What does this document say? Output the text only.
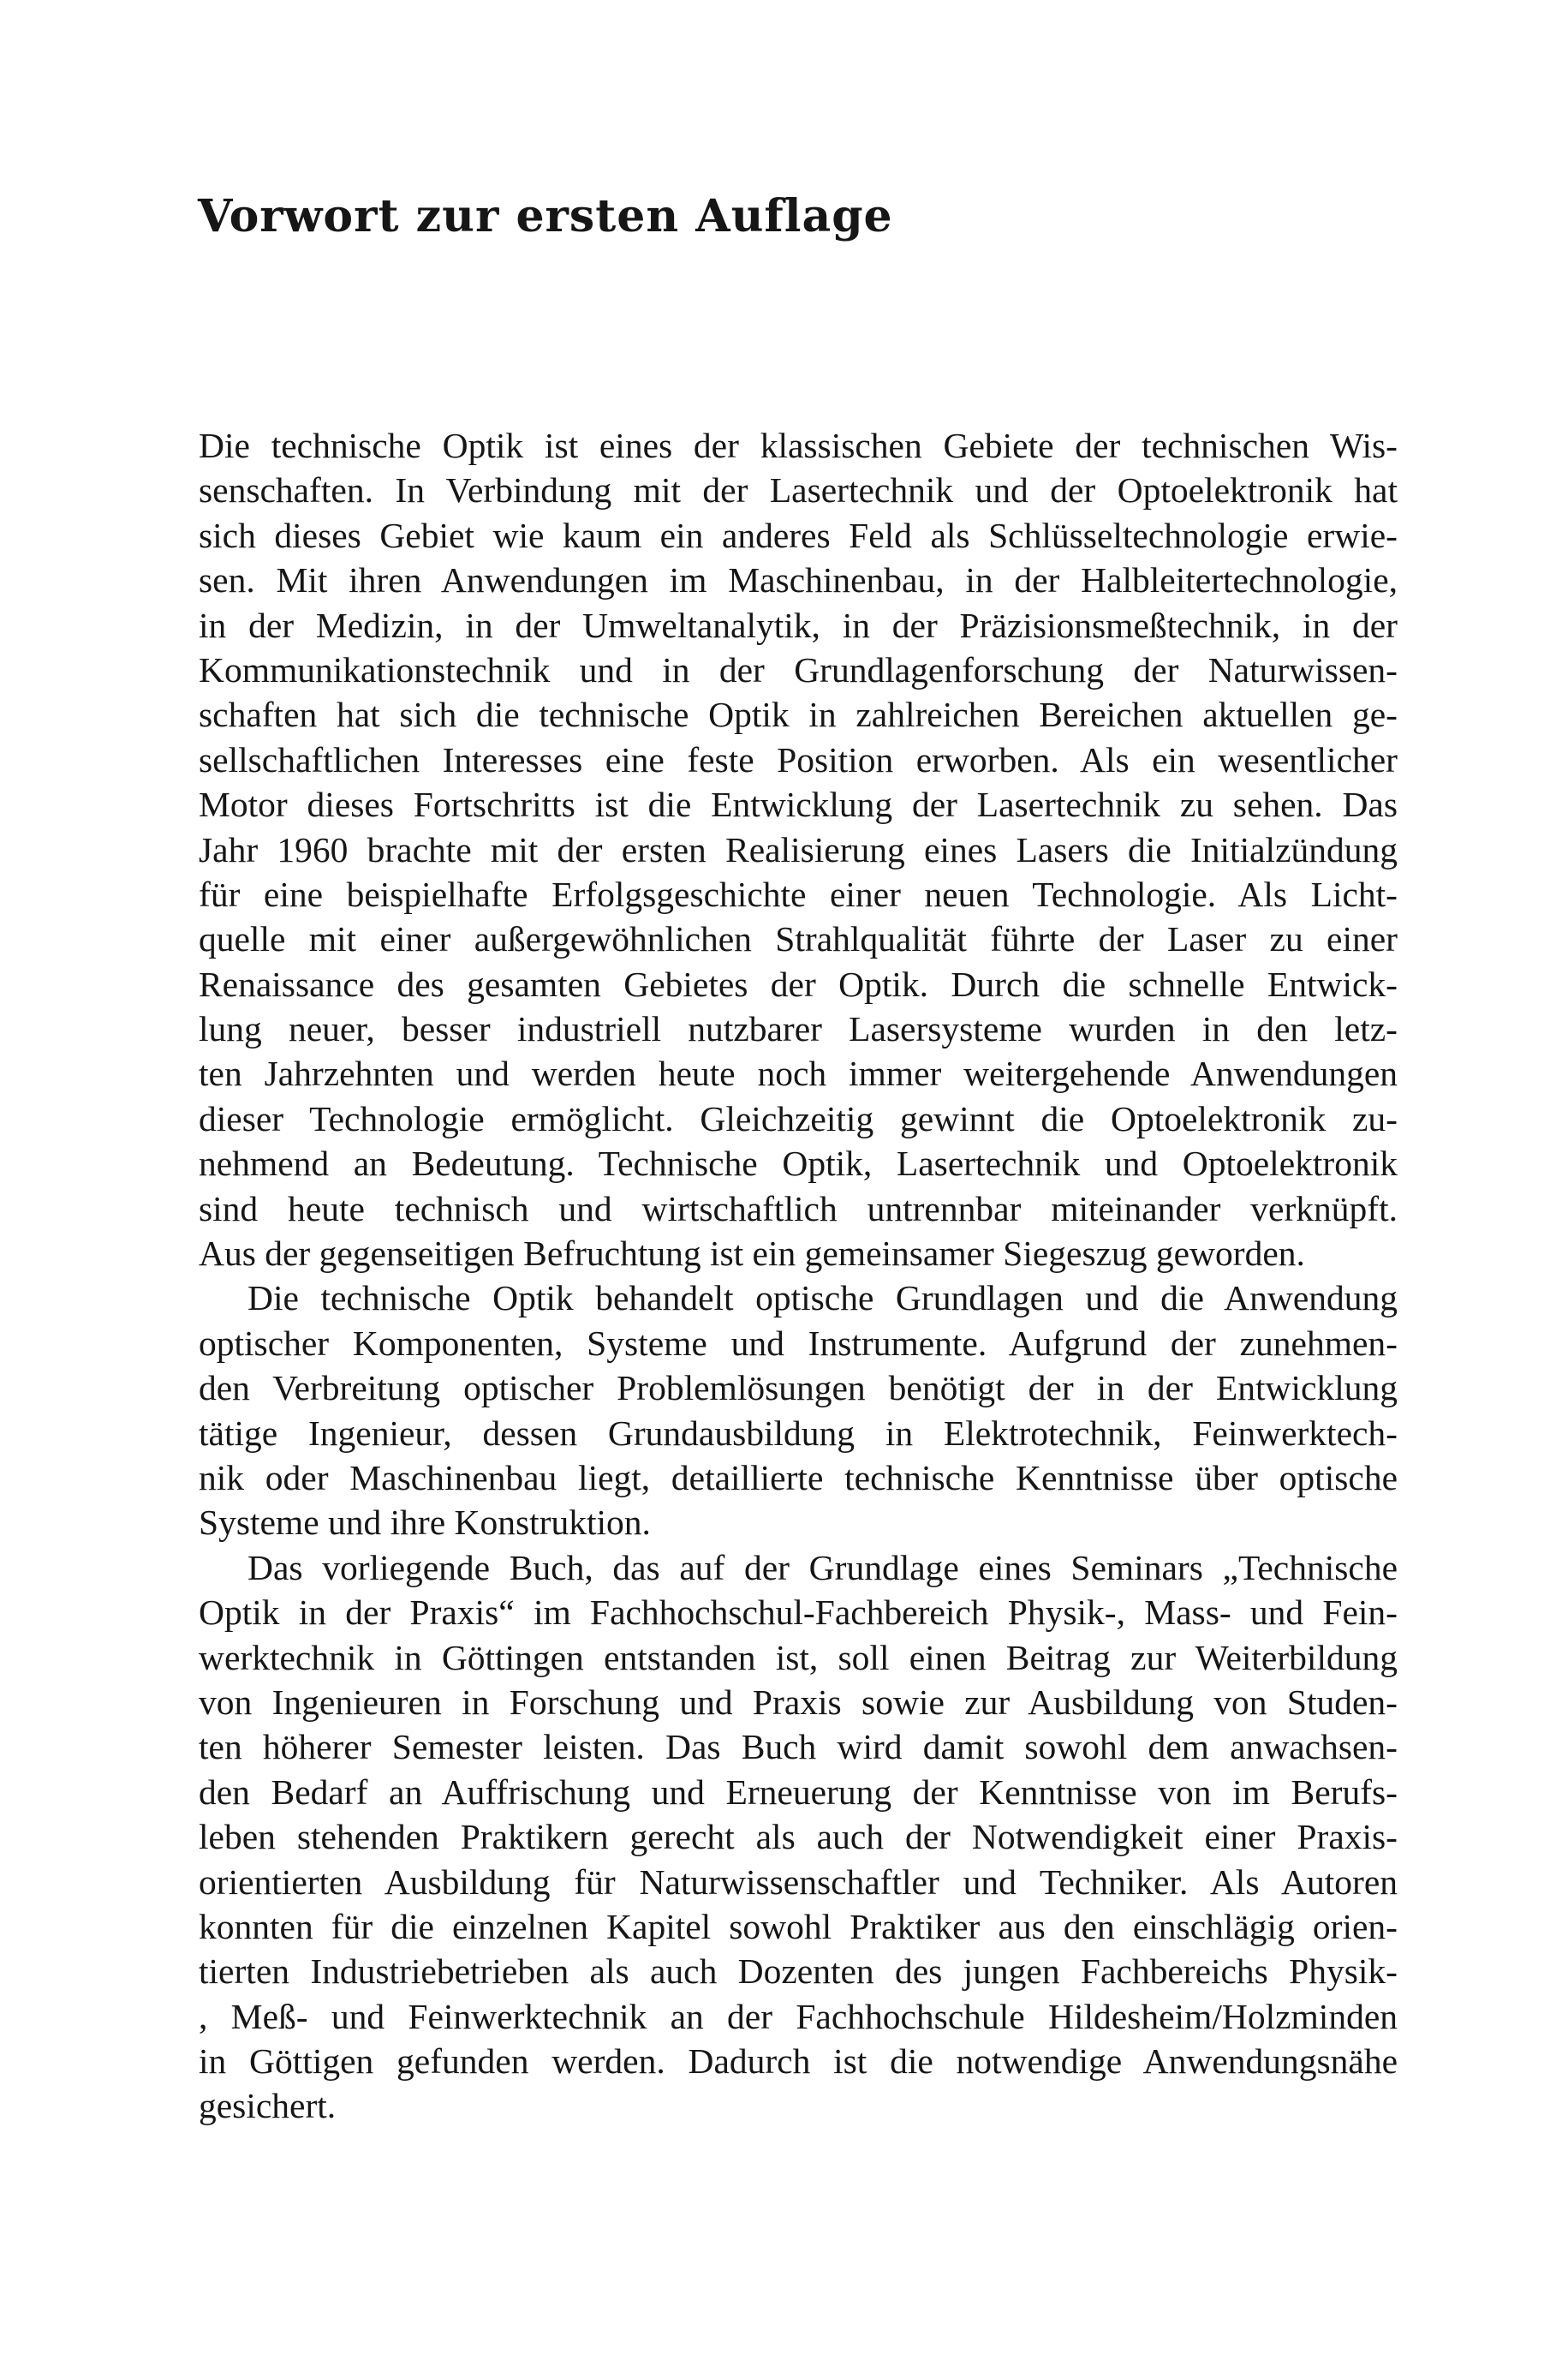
Vorwort zur ersten Auflage
Die technische Optik ist eines der klassischen Gebiete der technischen Wis-
senschaften. In Verbindung mit der Lasertechnik und der Optoelektronik hat
sich dieses Gebiet wie kaum ein anderes Feld als Schlüsseltechnologie erwie-
sen. Mit ihren Anwendungen im Maschinenbau, in der Halbleitertechnologie,
in der Medizin, in der Umweltanalytik, in der Präzisionsmeßtechnik, in der
Kommunikationstechnik und in der Grundlagenforschung der Naturwissen-
schaften hat sich die technische Optik in zahlreichen Bereichen aktuellen ge-
sellschaftlichen Interesses eine feste Position erworben. Als ein wesentlicher
Motor dieses Fortschritts ist die Entwicklung der Lasertechnik zu sehen. Das
Jahr 1960 brachte mit der ersten Realisierung eines Lasers die Initialzündung
für eine beispielhafte Erfolgsgeschichte einer neuen Technologie. Als Licht-
quelle mit einer außergewöhnlichen Strahlqualität führte der Laser zu einer
Renaissance des gesamten Gebietes der Optik. Durch die schnelle Entwick-
lung neuer, besser industriell nutzbarer Lasersysteme wurden in den letz-
ten Jahrzehnten und werden heute noch immer weitergehende Anwendungen
dieser Technologie ermöglicht. Gleichzeitig gewinnt die Optoelektronik zu-
nehmend an Bedeutung. Technische Optik, Lasertechnik und Optoelektronik
sind heute technisch und wirtschaftlich untrennbar miteinander verknüpft.
Aus der gegenseitigen Befruchtung ist ein gemeinsamer Siegeszug geworden.
Die technische Optik behandelt optische Grundlagen und die Anwendung
optischer Komponenten, Systeme und Instrumente. Aufgrund der zunehmen-
den Verbreitung optischer Problemlösungen benötigt der in der Entwicklung
tätige Ingenieur, dessen Grundausbildung in Elektrotechnik, Feinwerktech-
nik oder Maschinenbau liegt, detaillierte technische Kenntnisse über optische
Systeme und ihre Konstruktion.
Das vorliegende Buch, das auf der Grundlage eines Seminars „Technische
Optik in der Praxis“ im Fachhochschul-Fachbereich Physik-, Mass- und Fein-
werktechnik in Göttingen entstanden ist, soll einen Beitrag zur Weiterbildung
von Ingenieuren in Forschung und Praxis sowie zur Ausbildung von Studen-
ten höherer Semester leisten. Das Buch wird damit sowohl dem anwachsen-
den Bedarf an Auffrischung und Erneuerung der Kenntnisse von im Berufs-
leben stehenden Praktikern gerecht als auch der Notwendigkeit einer Praxis-
orientierten Ausbildung für Naturwissenschaftler und Techniker. Als Autoren
konnten für die einzelnen Kapitel sowohl Praktiker aus den einschlägig orien-
tierten Industriebetrieben als auch Dozenten des jungen Fachbereichs Physik-
, Meß- und Feinwerktechnik an der Fachhochschule Hildesheim/Holzminden
in Göttigen gefunden werden. Dadurch ist die notwendige Anwendungsnähe
gesichert.
